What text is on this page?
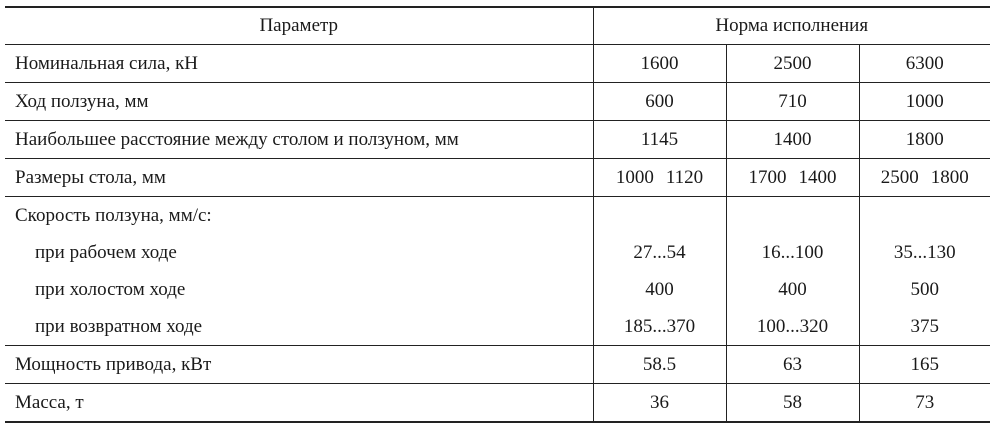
Параметр	Норма исполнения		
Номинальная сила, кН	1600	2500	6300
Ход ползуна, мм	600	710	1000
Наибольшее расстояние между столом и ползуном, мм	1145	1400	1800
Размеры стола, мм	1000 1120	1700 1400	2500 1800

Скорость ползуна, мм/с:			
при рабочем ходе	27...54	16...100	35...130
при холостом ходе	400	400	500
при возвратном ходе	185...370	100...320	375
Мощность привода, кВт	58.5	63	165
Масса, т	36	58	73
